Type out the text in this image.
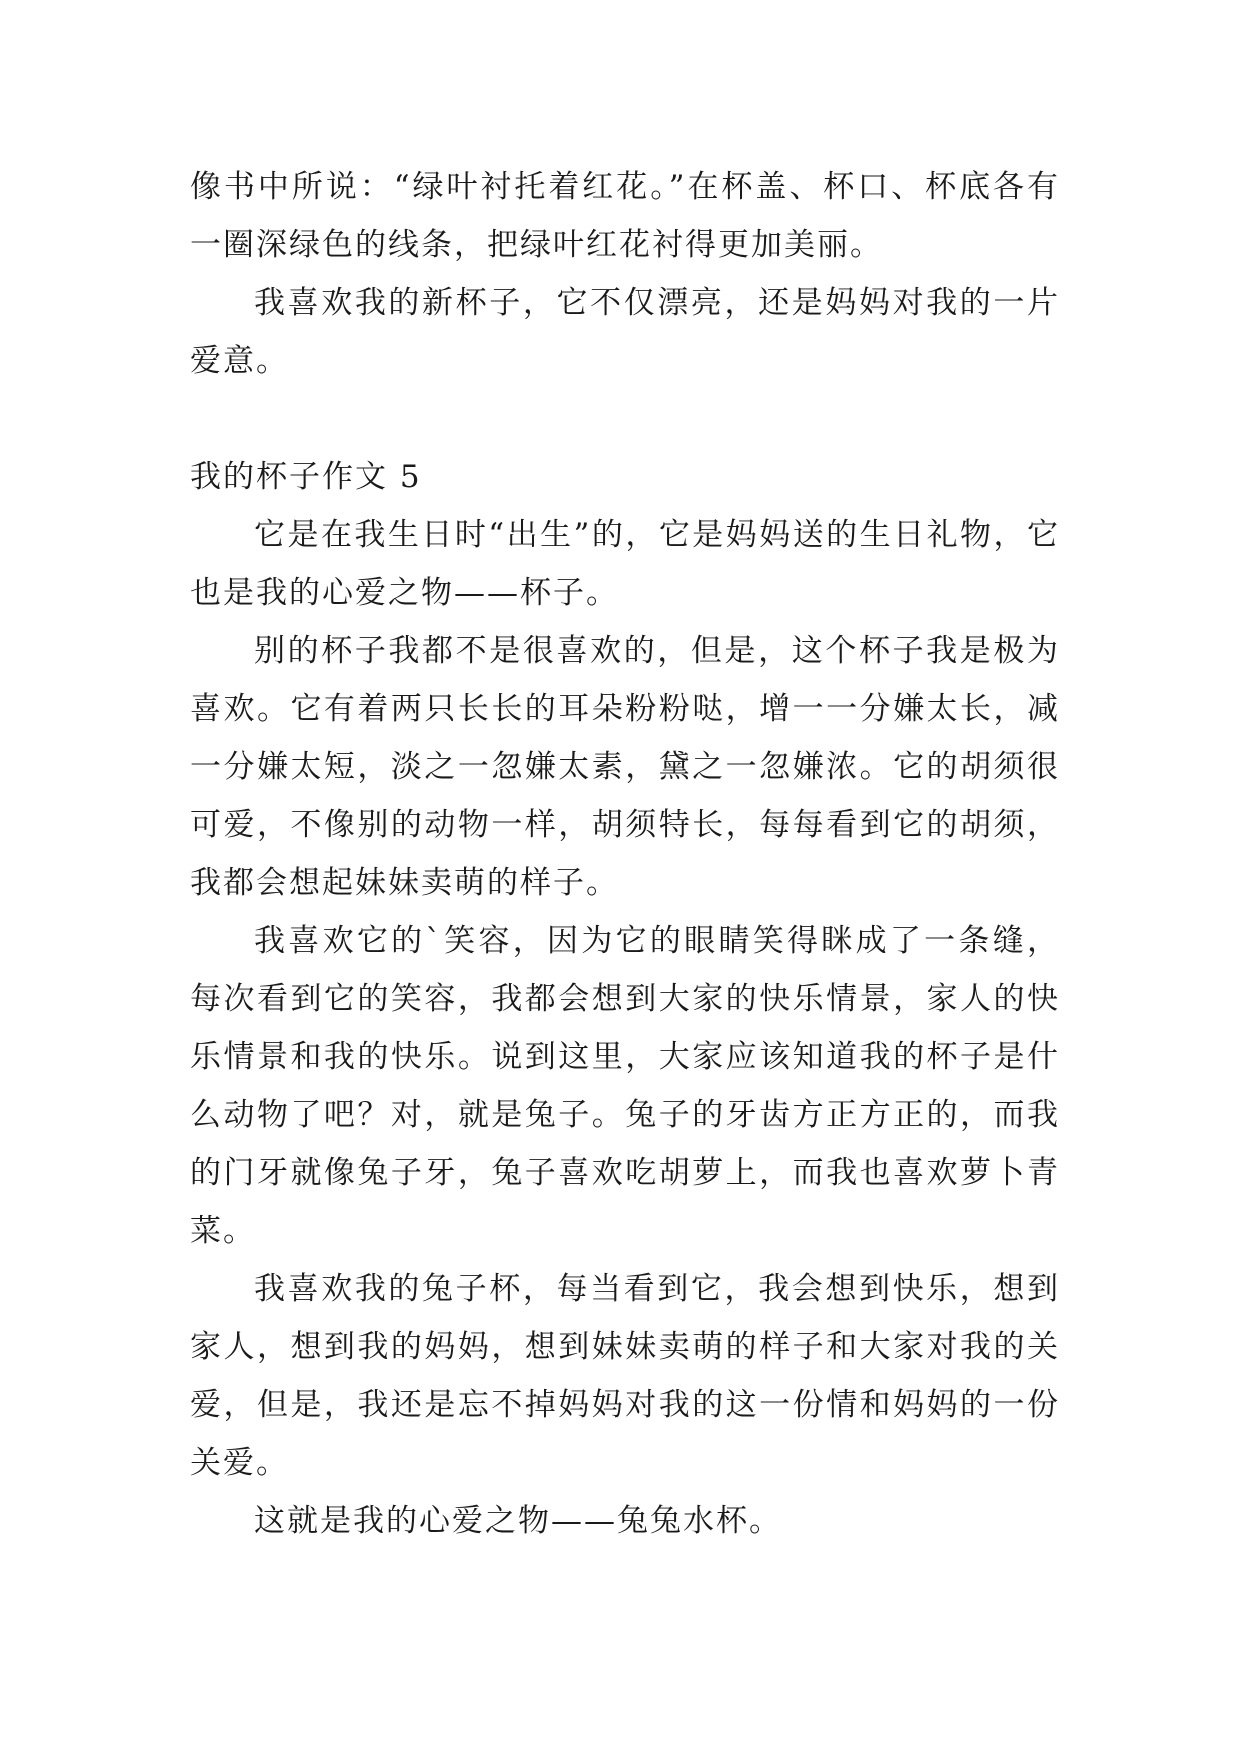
像书中所说：“绿叶衬托着红花。”在杯盖、杯口、杯底各有一圈深绿色的线条，把绿叶红花衬得更加美丽。

我喜欢我的新杯子，它不仅漂亮，还是妈妈对我的一片爱意。

我的杯子作文 5

它是在我生日时“出生”的，它是妈妈送的生日礼物，它也是我的心爱之物——杯子。

别的杯子我都不是很喜欢的，但是，这个杯子我是极为喜欢。它有着两只长长的耳朵粉粉哒，增一一分嫌太长，减一分嫌太短，淡之一忽嫌太素，黛之一忽嫌浓。它的胡须很可爱，不像别的动物一样，胡须特长，每每看到它的胡须，我都会想起妹妹卖萌的样子。

我喜欢它的`笑容，因为它的眼睛笑得眯成了一条缝，每次看到它的笑容，我都会想到大家的快乐情景，家人的快乐情景和我的快乐。说到这里，大家应该知道我的杯子是什么动物了吧？对，就是兔子。兔子的牙齿方正方正的，而我的门牙就像兔子牙，兔子喜欢吃胡萝上，而我也喜欢萝卜青菜。

我喜欢我的兔子杯，每当看到它，我会想到快乐，想到家人，想到我的妈妈，想到妹妹卖萌的样子和大家对我的关爱，但是，我还是忘不掉妈妈对我的这一份情和妈妈的一份关爱。

这就是我的心爱之物——兔兔水杯。
